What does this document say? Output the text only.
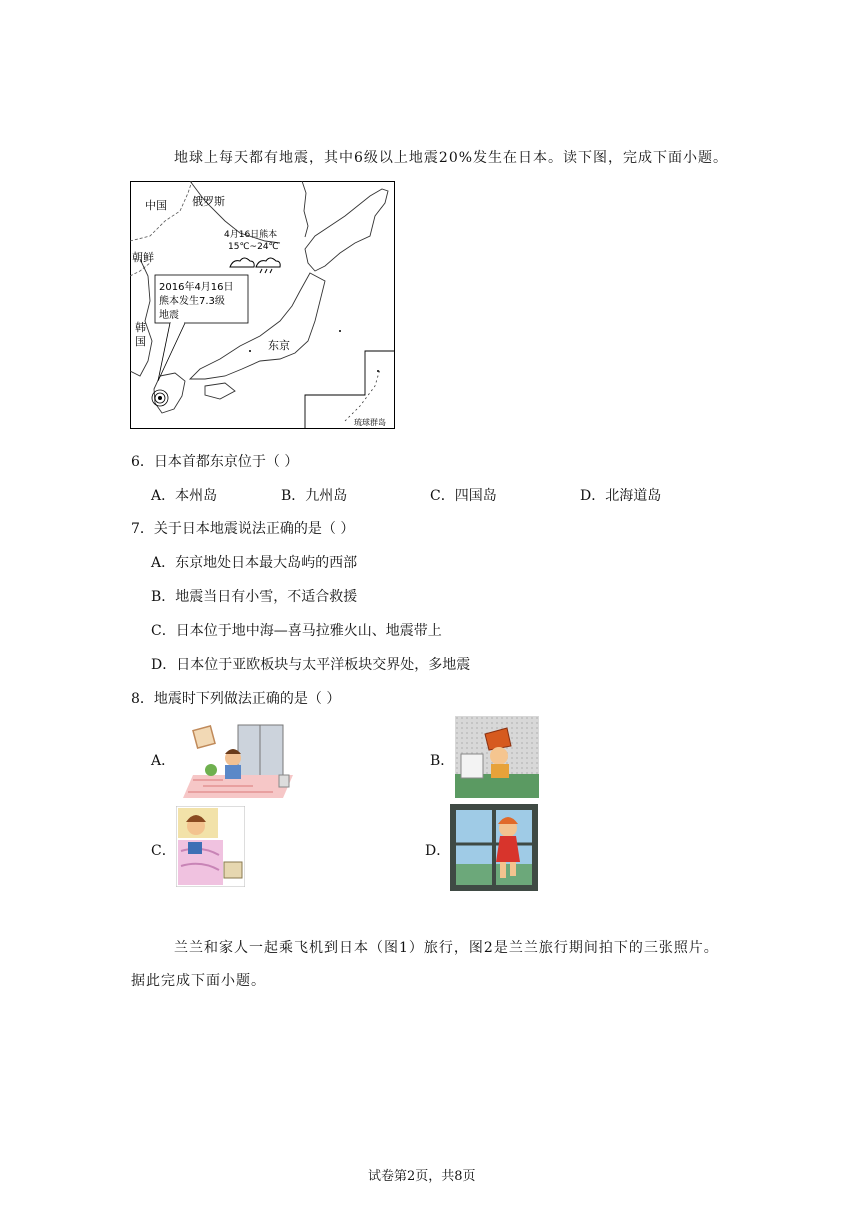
地球上每天都有地震，其中6级以上地震20%发生在日本。读下图，完成下面小题。
中国 俄罗斯
朝鲜
韩
国	东京
琉球群岛
4月16日熊本
15℃~24℃
2016年4月16日
熊本发生7.3级
地震
6．日本首都东京位于（ ）
A．本州岛	B．九州岛	C．四国岛	D．北海道岛
7．关于日本地震说法正确的是（ ）
A．东京地处日本最大岛屿的西部
B．地震当日有小雪，不适合救援
C．日本位于地中海—喜马拉雅火山、地震带上
D．日本位于亚欧板块与太平洋板块交界处，多地震
8．地震时下列做法正确的是（ ）
A．	B．
C．	D．
兰兰和家人一起乘飞机到日本（图1）旅行，图2是兰兰旅行期间拍下的三张照片。
据此完成下面小题。
试卷第2页，共8页
